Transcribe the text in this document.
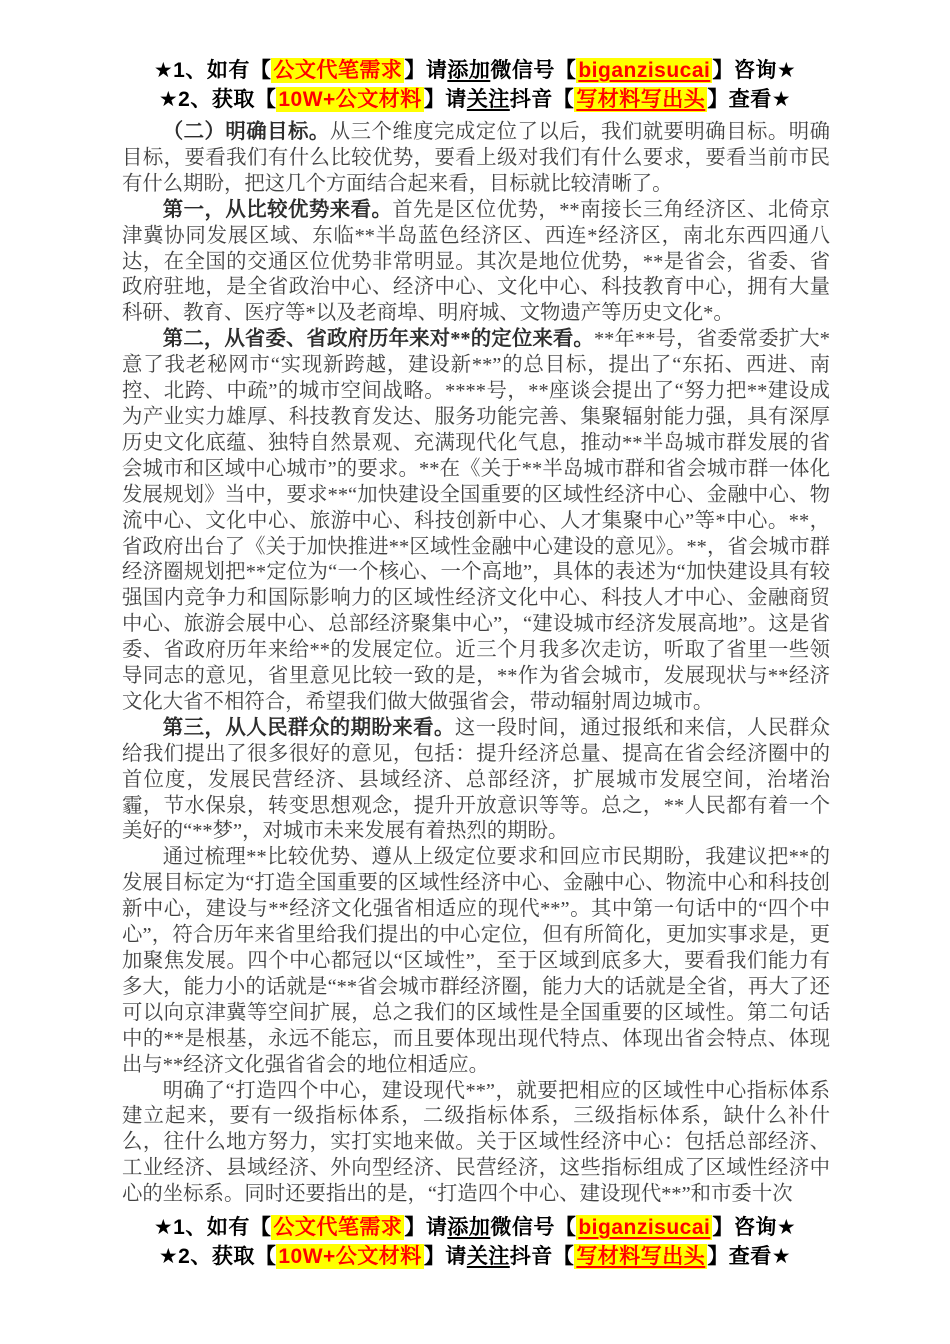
★1、如有【公文代笔需求】请添加微信号【biganzisucai】咨询★
★2、获取【10W+公文材料】请关注抖音【写材料写出头】查看★

（二）明确目标。从三个维度完成定位了以后，我们就要明确目标。明确目标，要看我们有什么比较优势，要看上级对我们有什么要求，要看当前市民有什么期盼，把这几个方面结合起来看，目标就比较清晰了。

第一，从比较优势来看。首先是区位优势，**南接长三角经济区、北倚京津冀协同发展区域、东临**半岛蓝色经济区、西连*经济区，南北东西四通八达，在全国的交通区位优势非常明显。其次是地位优势，**是省会，省委、省政府驻地，是全省政治中心、经济中心、文化中心、科技教育中心，拥有大量科研、教育、医疗等*以及老商埠、明府城、文物遗产等历史文化*。

第二，从省委、省政府历年来对**的定位来看。**年**号，省委常委扩大*意了我老秘网市“实现新跨越，建设新**”的总目标，提出了“东拓、西进、南控、北跨、中疏”的城市空间战略。****号，**座谈会提出了“努力把**建设成为产业实力雄厚、科技教育发达、服务功能完善、集聚辐射能力强，具有深厚历史文化底蕴、独特自然景观、充满现代化气息，推动**半岛城市群发展的省会城市和区域中心城市”的要求。**在《关于**半岛城市群和省会城市群一体化发展规划》当中，要求**“加快建设全国重要的区域性经济中心、金融中心、物流中心、文化中心、旅游中心、科技创新中心、人才集聚中心”等*中心。**，省政府出台了《关于加快推进**区域性金融中心建设的意见》。**，省会城市群经济圈规划把**定位为“一个核心、一个高地”，具体的表述为“加快建设具有较强国内竞争力和国际影响力的区域性经济文化中心、科技人才中心、金融商贸中心、旅游会展中心、总部经济聚集中心”，“建设城市经济发展高地”。这是省委、省政府历年来给**的发展定位。近三个月我多次走访，听取了省里一些领导同志的意见，省里意见比较一致的是，**作为省会城市，发展现状与**经济文化大省不相符合，希望我们做大做强省会，带动辐射周边城市。

第三，从人民群众的期盼来看。这一段时间，通过报纸和来信，人民群众给我们提出了很多很好的意见，包括：提升经济总量、提高在省会经济圈中的首位度，发展民营经济、县域经济、总部经济，扩展城市发展空间，治堵治霾，节水保泉，转变思想观念，提升开放意识等等。总之，**人民都有着一个美好的“**梦”，对城市未来发展有着热烈的期盼。

通过梳理**比较优势、遵从上级定位要求和回应市民期盼，我建议把**的发展目标定为“打造全国重要的区域性经济中心、金融中心、物流中心和科技创新中心，建设与**经济文化强省相适应的现代**”。其中第一句话中的“四个中心”，符合历年来省里给我们提出的中心定位，但有所简化，更加实事求是，更加聚焦发展。四个中心都冠以“区域性”，至于区域到底多大，要看我们能力有多大，能力小的话就是“**省会城市群经济圈，能力大的话就是全省，再大了还可以向京津冀等空间扩展，总之我们的区域性是全国重要的区域性。第二句话中的**是根基，永远不能忘，而且要体现出现代特点、体现出省会特点、体现出与**经济文化强省省会的地位相适应。

明确了“打造四个中心，建设现代**”，就要把相应的区域性中心指标体系建立起来，要有一级指标体系，二级指标体系，三级指标体系，缺什么补什么，往什么地方努力，实打实地来做。关于区域性经济中心：包括总部经济、工业经济、县域经济、外向型经济、民营经济，这些指标组成了区域性经济中心的坐标系。同时还要指出的是，“打造四个中心、建设现代**”和市委十次

★1、如有【公文代笔需求】请添加微信号【biganzisucai】咨询★
★2、获取【10W+公文材料】请关注抖音【写材料写出头】查看★
